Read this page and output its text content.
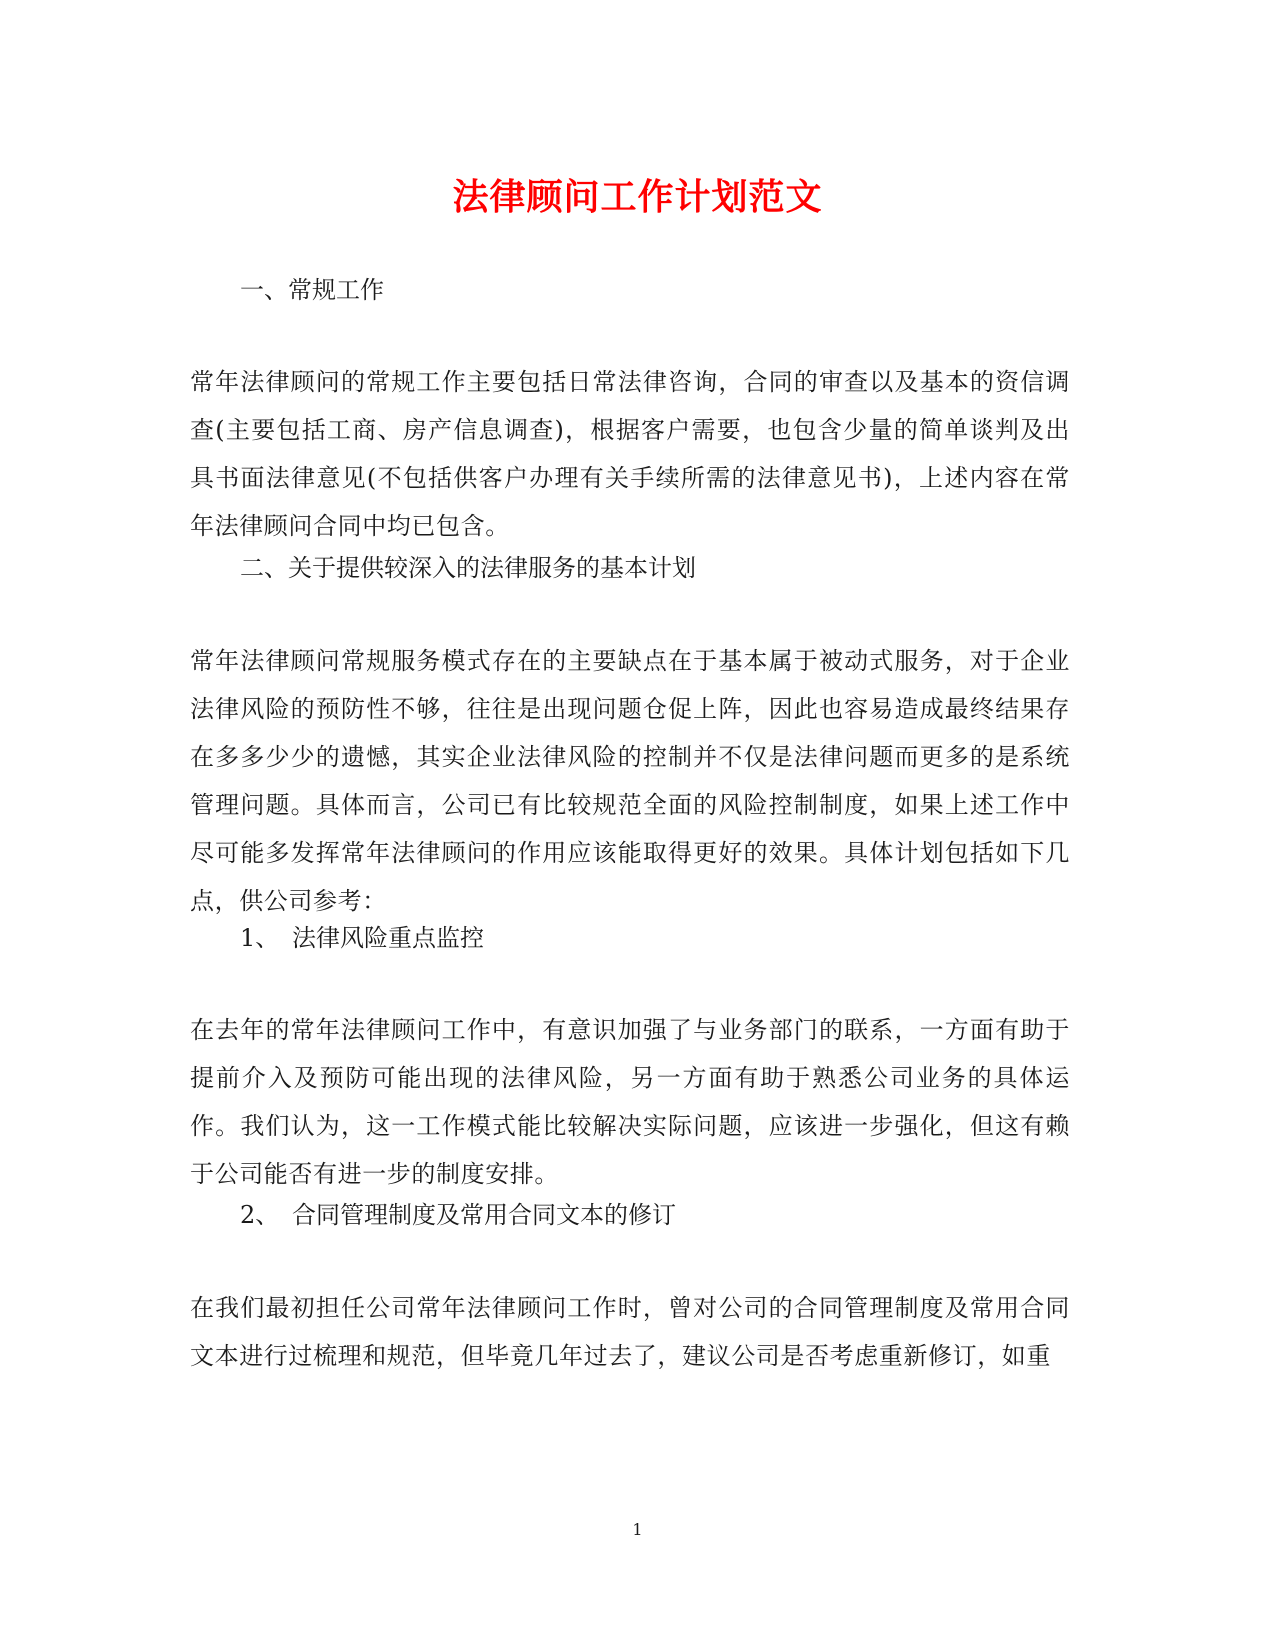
法律顾问工作计划范文
一、常规工作
常年法律顾问的常规工作主要包括日常法律咨询，合同的审查以及基本的资信调查(主要包括工商、房产信息调查)，根据客户需要，也包含少量的简单谈判及出具书面法律意见(不包括供客户办理有关手续所需的法律意见书)，上述内容在常年法律顾问合同中均已包含。
二、关于提供较深入的法律服务的基本计划
常年法律顾问常规服务模式存在的主要缺点在于基本属于被动式服务，对于企业法律风险的预防性不够，往往是出现问题仓促上阵，因此也容易造成最终结果存在多多少少的遗憾，其实企业法律风险的控制并不仅是法律问题而更多的是系统管理问题。具体而言，公司已有比较规范全面的风险控制制度，如果上述工作中尽可能多发挥常年法律顾问的作用应该能取得更好的效果。具体计划包括如下几点，供公司参考：
1、 法律风险重点监控
在去年的常年法律顾问工作中，有意识加强了与业务部门的联系，一方面有助于提前介入及预防可能出现的法律风险，另一方面有助于熟悉公司业务的具体运作。我们认为，这一工作模式能比较解决实际问题，应该进一步强化，但这有赖于公司能否有进一步的制度安排。
2、 合同管理制度及常用合同文本的修订
在我们最初担任公司常年法律顾问工作时，曾对公司的合同管理制度及常用合同文本进行过梳理和规范，但毕竟几年过去了，建议公司是否考虑重新修订，如重
1
